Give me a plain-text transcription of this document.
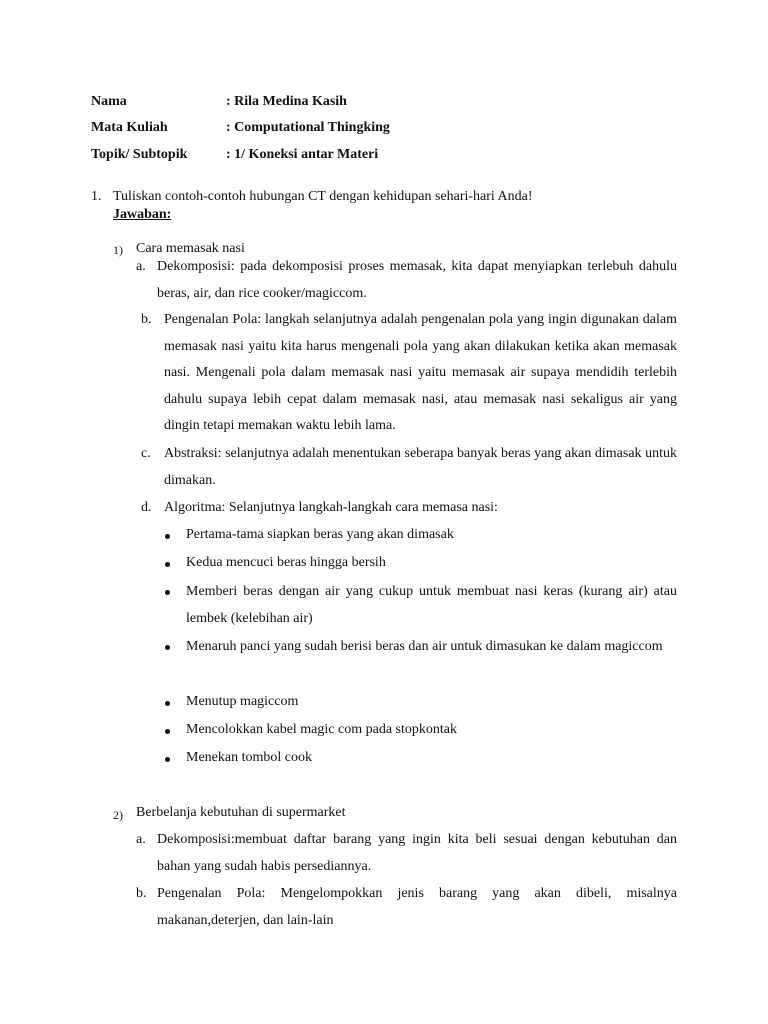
Nama	: Rila Medina Kasih
Mata Kuliah	: Computational Thingking
Topik/ Subtopik	: 1/ Koneksi antar Materi
1. Tuliskan contoh-contoh hubungan CT dengan kehidupan sehari-hari Anda!
Jawaban:
1) Cara memasak nasi
a. Dekomposisi: pada dekomposisi proses memasak, kita dapat menyiapkan terlebuh dahulu beras, air, dan rice cooker/magiccom.
b. Pengenalan Pola: langkah selanjutnya adalah pengenalan pola yang ingin digunakan dalam memasak nasi yaitu kita harus mengenali pola yang akan dilakukan ketika akan memasak nasi. Mengenali pola dalam memasak nasi yaitu memasak air supaya mendidih terlebih dahulu supaya lebih cepat dalam memasak nasi, atau memasak nasi sekaligus air yang dingin tetapi memakan waktu lebih lama.
c. Abstraksi: selanjutnya adalah menentukan seberapa banyak beras yang akan dimasak untuk dimakan.
d. Algoritma: Selanjutnya langkah-langkah cara memasa nasi:
Pertama-tama siapkan beras yang akan dimasak
Kedua mencuci beras hingga bersih
Memberi beras dengan air yang cukup untuk membuat nasi keras (kurang air) atau lembek (kelebihan air)
Menaruh panci yang sudah berisi beras dan air untuk dimasukan ke dalam magiccom
Menutup magiccom
Mencolokkan kabel magic com pada stopkontak
Menekan tombol cook
2) Berbelanja kebutuhan di supermarket
a. Dekomposisi:membuat daftar barang yang ingin kita beli sesuai dengan kebutuhan dan bahan yang sudah habis persediannya.
b. Pengenalan Pola: Mengelompokkan jenis barang yang akan dibeli, misalnya makanan,deterjen, dan lain-lain
